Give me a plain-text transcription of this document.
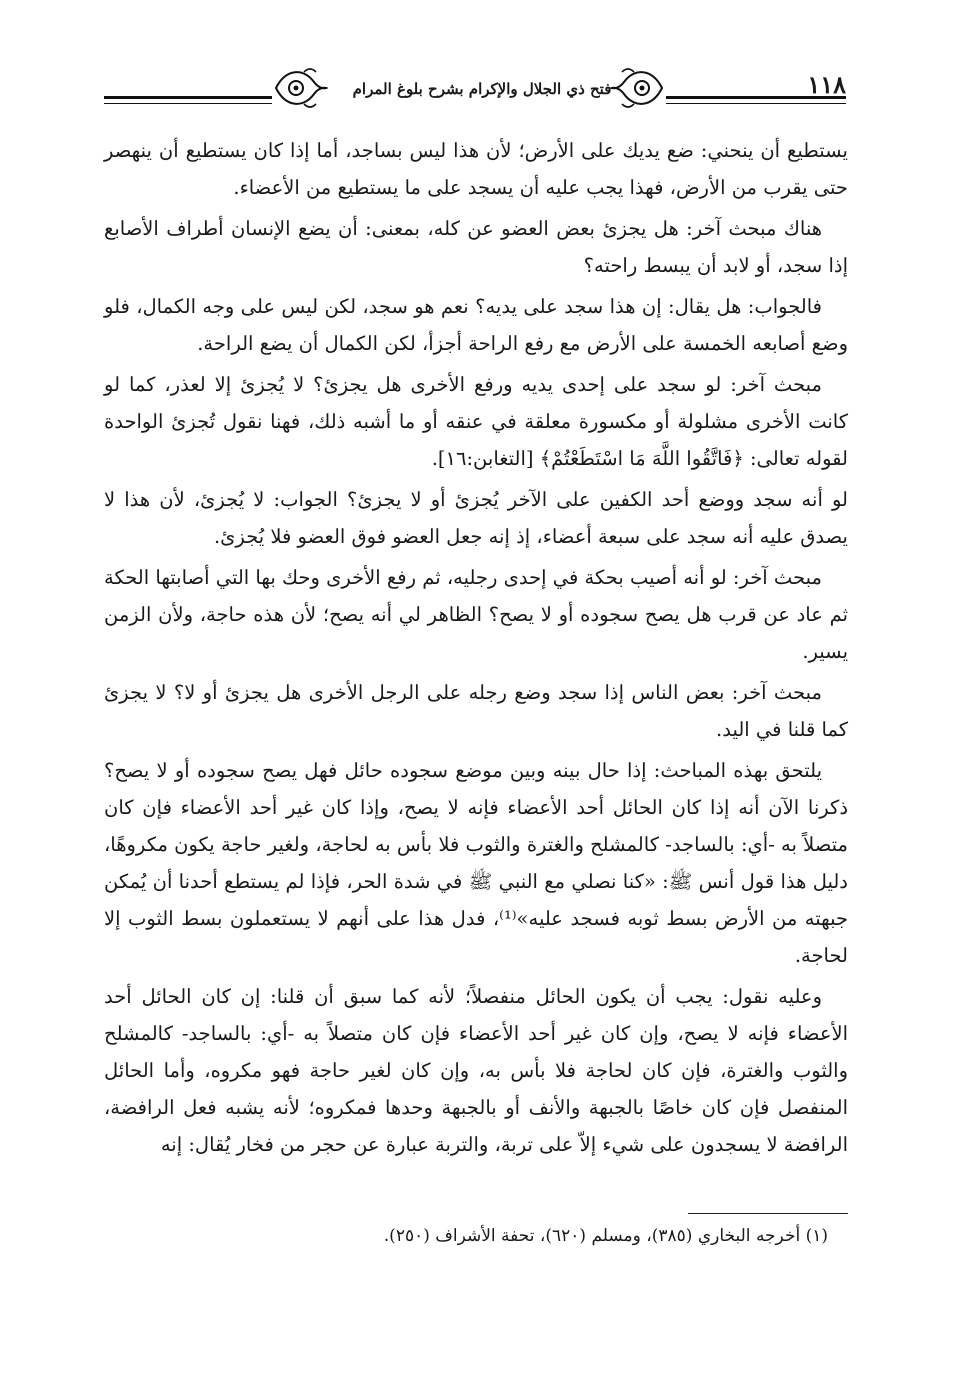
فتح ذي الجلال والإكرام بشرح بلوغ المرام	١١٨

يستطيع أن ينحني: ضع يديك على الأرض؛ لأن هذا ليس بساجد، أما إذا كان يستطيع أن ينهصر حتى يقرب من الأرض، فهذا يجب عليه أن يسجد على ما يستطيع من الأعضاء.

هناك مبحث آخر: هل يجزئ بعض العضو عن كله، بمعنى: أن يضع الإنسان أطراف الأصابع إذا سجد، أو لابد أن يبسط راحته؟

فالجواب: هل يقال: إن هذا سجد على يديه؟ نعم هو سجد، لكن ليس على وجه الكمال، فلو وضع أصابعه الخمسة على الأرض مع رفع الراحة أجزأ، لكن الكمال أن يضع الراحة.

مبحث آخر: لو سجد على إحدى يديه ورفع الأخرى هل يجزئ؟ لا يُجزئ إلا لعذر، كما لو كانت الأخرى مشلولة أو مكسورة معلقة في عنقه أو ما أشبه ذلك، فهنا نقول تُجزئ الواحدة لقوله تعالى: ﴿فَاتَّقُوا اللَّهَ مَا اسْتَطَعْتُمْ﴾ [التغابن:١٦].

لو أنه سجد ووضع أحد الكفين على الآخر يُجزئ أو لا يجزئ؟ الجواب: لا يُجزئ، لأن هذا لا يصدق عليه أنه سجد على سبعة أعضاء، إذ إنه جعل العضو فوق العضو فلا يُجزئ.

مبحث آخر: لو أنه أصيب بحكة في إحدى رجليه، ثم رفع الأخرى وحك بها التي أصابتها الحكة ثم عاد عن قرب هل يصح سجوده أو لا يصح؟ الظاهر لي أنه يصح؛ لأن هذه حاجة، ولأن الزمن يسير.

مبحث آخر: بعض الناس إذا سجد وضع رجله على الرجل الأخرى هل يجزئ أو لا؟ لا يجزئ كما قلنا في اليد.

يلتحق بهذه المباحث: إذا حال بينه وبين موضع سجوده حائل فهل يصح سجوده أو لا يصح؟ ذكرنا الآن أنه إذا كان الحائل أحد الأعضاء فإنه لا يصح، وإذا كان غير أحد الأعضاء فإن كان متصلاً به -أي: بالساجد- كالمشلح والغترة والثوب فلا بأس به لحاجة، ولغير حاجة يكون مكروهًا، دليل هذا قول أنس ﷺ: «كنا نصلي مع النبي ﷺ في شدة الحر، فإذا لم يستطع أحدنا أن يُمكن جبهته من الأرض بسط ثوبه فسجد عليه»⁽¹⁾، فدل هذا على أنهم لا يستعملون بسط الثوب إلا لحاجة.

وعليه نقول: يجب أن يكون الحائل منفصلاً؛ لأنه كما سبق أن قلنا: إن كان الحائل أحد الأعضاء فإنه لا يصح، وإن كان غير أحد الأعضاء فإن كان متصلاً به -أي: بالساجد- كالمشلح والثوب والغترة، فإن كان لحاجة فلا بأس به، وإن كان لغير حاجة فهو مكروه، وأما الحائل المنفصل فإن كان خاصًا بالجبهة والأنف أو بالجبهة وحدها فمكروه؛ لأنه يشبه فعل الرافضة، الرافضة لا يسجدون على شيء إلاّ على تربة، والتربة عبارة عن حجر من فخار يُقال: إنه

(١) أخرجه البخاري (٣٨٥)، ومسلم (٦٢٠)، تحفة الأشراف (٢٥٠).
